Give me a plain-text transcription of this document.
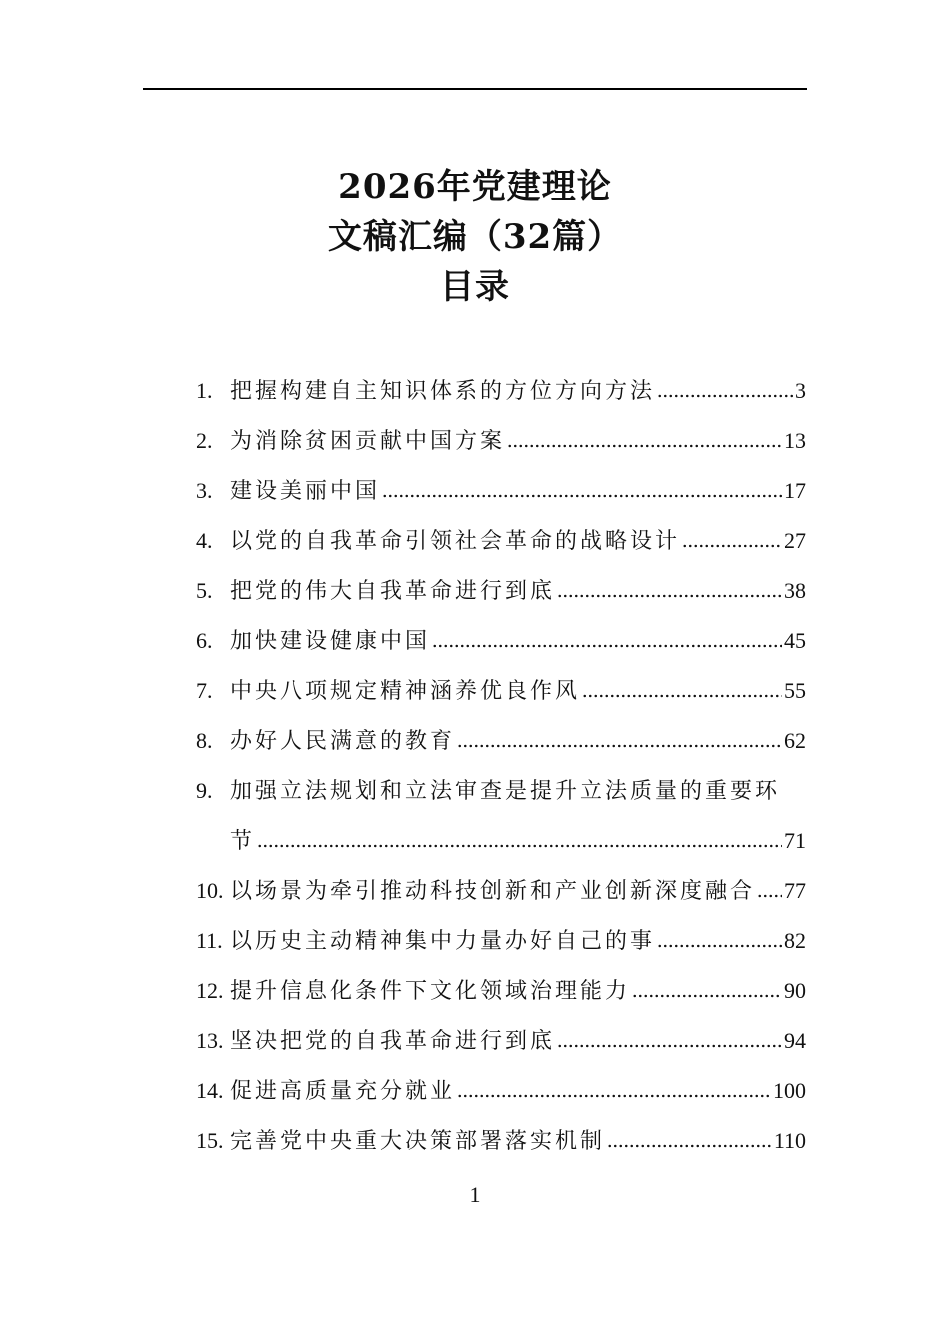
2026年党建理论
文稿汇编（32篇）
目录
1. 把握构建自主知识体系的方位方向方法	3
2. 为消除贫困贡献中国方案	13
3. 建设美丽中国	17
4. 以党的自我革命引领社会革命的战略设计	27
5. 把党的伟大自我革命进行到底	38
6. 加快建设健康中国	45
7. 中央八项规定精神涵养优良作风	55
8. 办好人民满意的教育	62
9. 加强立法规划和立法审查是提升立法质量的重要环
节	71
10. 以场景为牵引推动科技创新和产业创新深度融合 77
11. 以历史主动精神集中力量办好自己的事	82
12. 提升信息化条件下文化领域治理能力	90
13. 坚决把党的自我革命进行到底	94
14. 促进高质量充分就业	100
15. 完善党中央重大决策部署落实机制	110
1
